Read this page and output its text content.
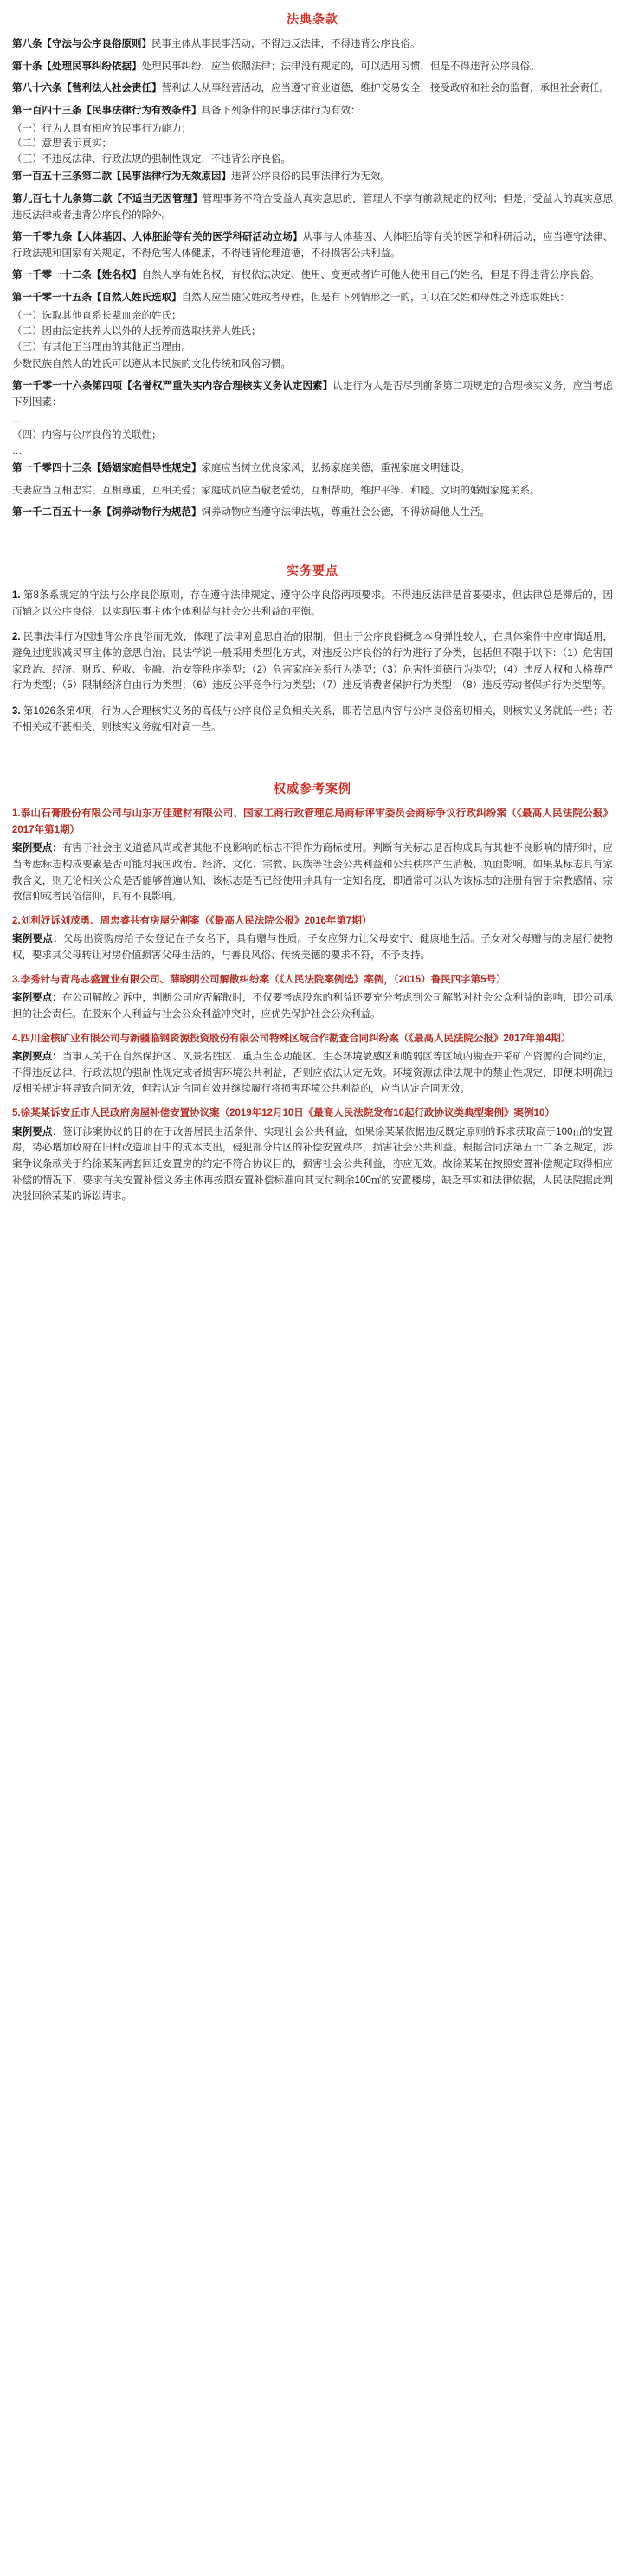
法典条款

第八条【守法与公序良俗原则】民事主体从事民事活动，不得违反法律，不得违背公序良俗。

第十条【处理民事纠纷依据】处理民事纠纷，应当依照法律；法律没有规定的，可以适用习惯，但是不得违背公序良俗。

第八十六条【营利法人社会责任】营利法人从事经营活动，应当遵守商业道德，维护交易安全，接受政府和社会的监督，承担社会责任。

第一百四十三条【民事法律行为有效条件】具备下列条件的民事法律行为有效：

（一）行为人具有相应的民事行为能力；

（二）意思表示真实；

（三）不违反法律、行政法规的强制性规定，不违背公序良俗。

第一百五十三条第二款【民事法律行为无效原因】违背公序良俗的民事法律行为无效。

第九百七十九条第二款【不适当无因管理】管理事务不符合受益人真实意思的，管理人不享有前款规定的权利；但是，受益人的真实意思违反法律或者违背公序良俗的除外。

第一千零九条【人体基因、人体胚胎等有关的医学科研活动立场】从事与人体基因、人体胚胎等有关的医学和科研活动，应当遵守法律、行政法规和国家有关规定，不得危害人体健康，不得违背伦理道德，不得损害公共利益。

第一千零一十二条【姓名权】自然人享有姓名权，有权依法决定、使用、变更或者许可他人使用自己的姓名，但是不得违背公序良俗。

第一千零一十五条【自然人姓氏选取】自然人应当随父姓或者母姓，但是有下列情形之一的，可以在父姓和母姓之外选取姓氏：

（一）选取其他直系长辈血亲的姓氏；

（二）因由法定扶养人以外的人抚养而选取扶养人姓氏；

（三）有其他正当理由的其他正当理由。

少数民族自然人的姓氏可以遵从本民族的文化传统和风俗习惯。

第一千零一十六条第四项【名誉权严重失实内容合理核实义务认定因素】认定行为人是否尽到前条第二项规定的合理核实义务，应当考虑下列因素：

…

（四）内容与公序良俗的关联性；

…

第一千零四十三条【婚姻家庭倡导性规定】家庭应当树立优良家风，弘扬家庭美德，重视家庭文明建设。

夫妻应当互相忠实，互相尊重，互相关爱；家庭成员应当敬老爱幼，互相帮助，维护平等、和睦、文明的婚姻家庭关系。

第一千二百五十一条【饲养动物行为规范】饲养动物应当遵守法律法规，尊重社会公德，不得妨碍他人生活。

实务要点

1. 第8条系规定的守法与公序良俗原则，存在遵守法律规定、遵守公序良俗两项要求。不得违反法律是首要要求，但法律总是滞后的，因而辅之以公序良俗，以实现民事主体个体利益与社会公共利益的平衡。

2. 民事法律行为因违背公序良俗而无效，体现了法律对意思自治的限制，但由于公序良俗概念本身弹性较大，在具体案件中应审慎适用，避免过度戕减民事主体的意思自治。民法学说一般采用类型化方式，对违反公序良俗的行为进行了分类，包括但不限于以下：（1）危害国家政治、经济、财政、税收、金融、治安等秩序类型；（2）危害家庭关系行为类型；（3）危害性道德行为类型；（4）违反人权和人格尊严行为类型；（5）限制经济自由行为类型；（6）违反公平竞争行为类型；（7）违反消费者保护行为类型；（8）违反劳动者保护行为类型等。

3. 第1026条第4项，行为人合理核实义务的高低与公序良俗呈负相关关系，即若信息内容与公序良俗密切相关，则核实义务就低一些；若不相关或不甚相关，则核实义务就相对高一些。

权威参考案例

1.泰山石膏股份有限公司与山东万佳建材有限公司、国家工商行政管理总局商标评审委员会商标争议行政纠纷案（《最高人民法院公报》2017年第1期）

案例要点：有害于社会主义道德风尚或者其他不良影响的标志不得作为商标使用。判断有关标志是否构成具有其他不良影响的情形时，应当考虑标志构成要素是否可能对我国政治、经济、文化、宗教、民族等社会公共利益和公共秩序产生消极、负面影响。如果某标志具有家教含义，则无论相关公众是否能够普遍认知、该标志是否已经使用并具有一定知名度，即通常可以认为该标志的注册有害于宗教感情、宗教信仰或者民俗信仰，具有不良影响。

2.刘利妤诉刘茂勇、周忠睿共有房屋分割案（《最高人民法院公报》2016年第7期）

案例要点：父母出资购房给子女登记在子女名下，具有赠与性质。子女应努力让父母安宁、健康地生活。子女对父母赠与的房屋行使物权，要求其父母转让对房价值损害父母生活的，与善良风俗、传统美德的要求不符，不予支持。

3.李秀针与青岛志盛置业有限公司、薛晓明公司解散纠纷案（《人民法院案例选》案例，（2015）鲁民四字第5号）

案例要点：在公司解散之诉中，判断公司应否解散时，不仅要考虑股东的利益还要充分考虑到公司解散对社会公众利益的影响，即公司承担的社会责任。在股东个人利益与社会公众利益冲突时，应优先保护社会公众利益。

4.四川金核矿业有限公司与新疆临钢资源投资股份有限公司特殊区域合作勘查合同纠纷案（《最高人民法院公报》2017年第4期）

案例要点：当事人关于在自然保护区、风景名胜区、重点生态功能区、生态环境敏感区和脆弱区等区域内勘查开采矿产资源的合同约定，不得违反法律、行政法规的强制性规定或者损害环境公共利益，否则应依法认定无效。环境资源法律法规中的禁止性规定，即便未明确违反相关规定将导致合同无效，但若认定合同有效并继续履行将损害环境公共利益的，应当认定合同无效。

5.徐某某诉安丘市人民政府房屋补偿安置协议案（2019年12月10日《最高人民法院发布10起行政协议类典型案例》案例10）

案例要点：签订涉案协议的目的在于改善居民生活条件、实现社会公共利益，如果徐某某依据违反既定原则的诉求获取高于100㎡的安置房，势必增加政府在旧村改造项目中的成本支出，侵犯部分片区的补偿安置秩序，损害社会公共利益。根据合同法第五十二条之规定，涉案争议条款关于给徐某某两套回迁安置房的约定不符合协议目的，损害社会公共利益，亦应无效。故徐某某在按照安置补偿规定取得相应补偿的情况下，要求有关安置补偿义务主体再按照安置补偿标准向其支付剩余100㎡的安置楼房，缺乏事实和法律依据，人民法院据此判决驳回徐某某的诉讼请求。
